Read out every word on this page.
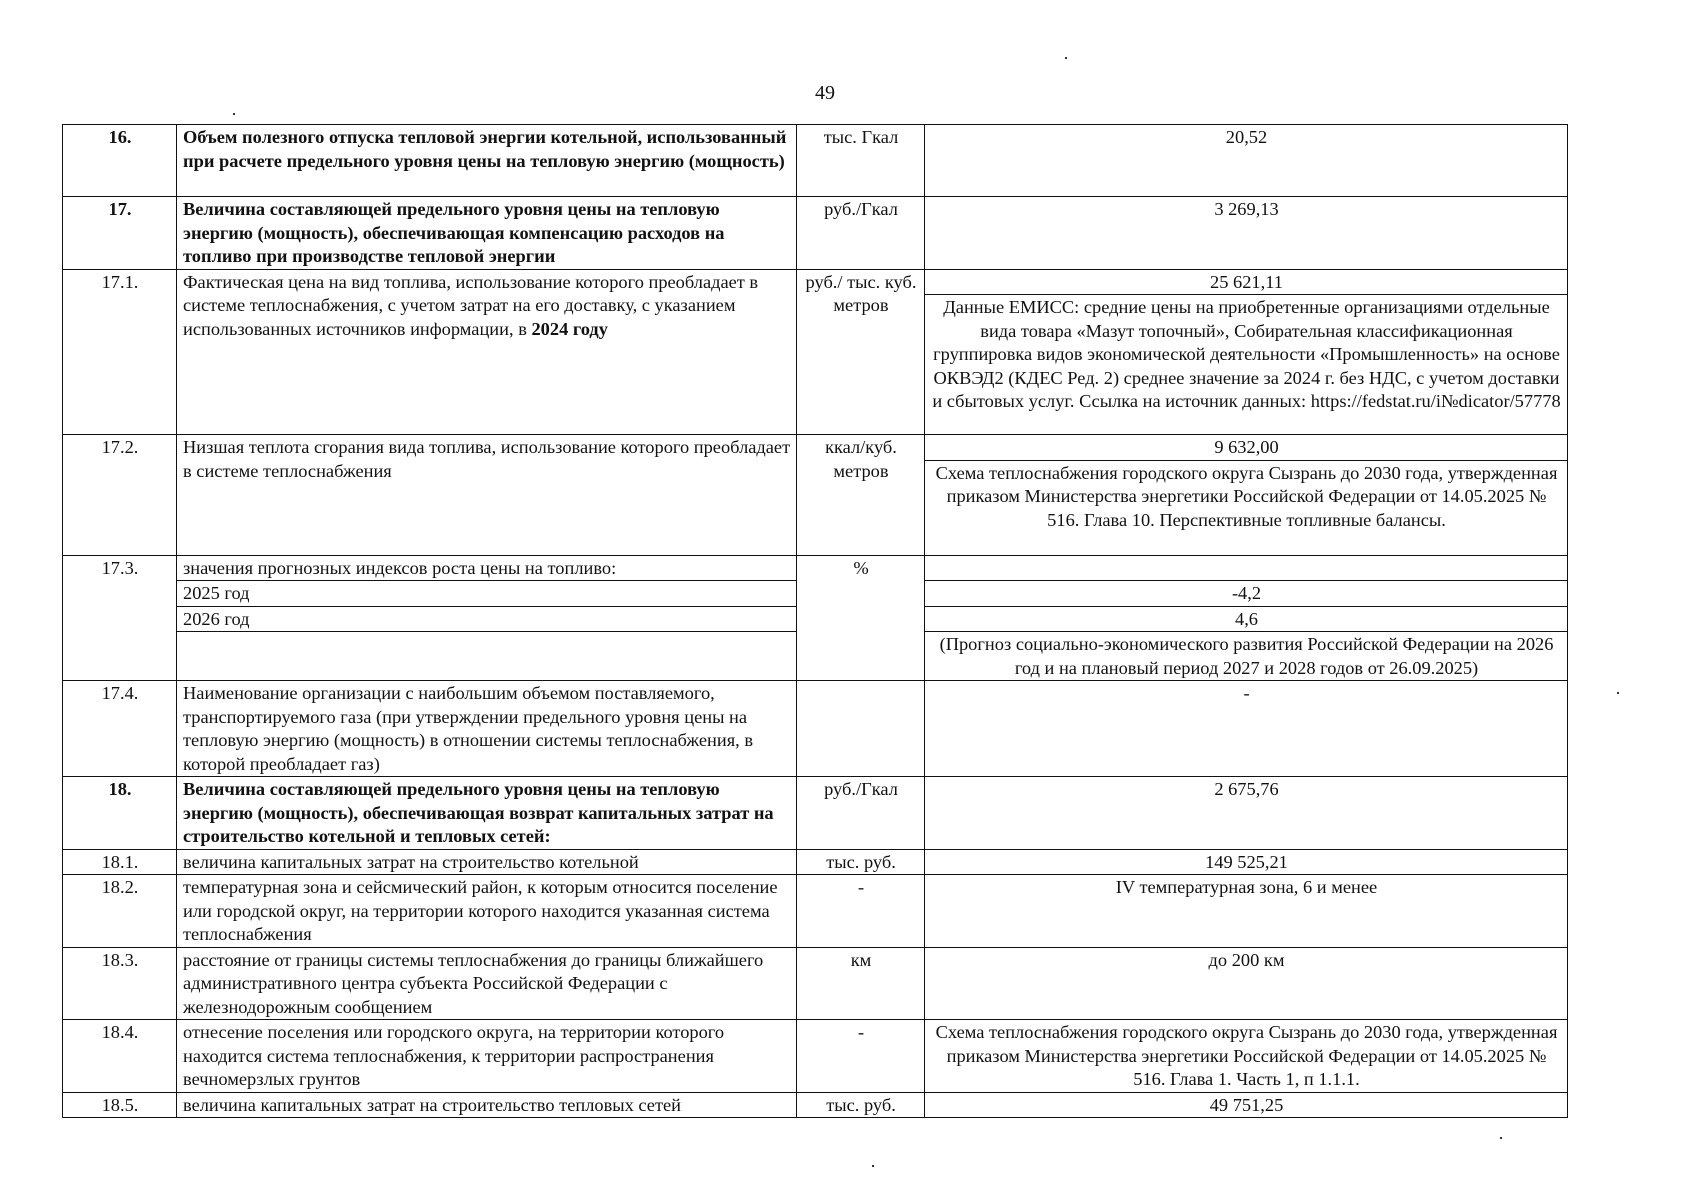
49
16.	Объем полезного отпуска тепловой энергии котельной, использованный при расчете предельного уровня цены на тепловую энергию (мощность)	тыс. Гкал	20,52
17.	Величина составляющей предельного уровня цены на тепловую энергию (мощность), обеспечивающая компенсацию расходов на топливо при производстве тепловой энергии	руб./Гкал	3 269,13
17.1.	Фактическая цена на вид топлива, использование которого преобладает в системе теплоснабжения, с учетом затрат на его доставку, с указанием использованных источников информации, в 2024 году	руб./ тыс. куб. метров	25 621,11
			Данные ЕМИСС: средние цены на приобретенные организациями отдельные вида товара «Мазут топочный», Собирательная классификационная группировка видов экономической деятельности «Промышленность» на основе ОКВЭД2 (КДЕС Ред. 2) среднее значение за 2024 г. без НДС, с учетом доставки и сбытовых услуг. Ссылка на источник данных: https://fedstat.ru/i№dicator/57778
17.2.	Низшая теплота сгорания вида топлива, использование которого преобладает в системе теплоснабжения	ккал/куб. метров	9 632,00
			Схема теплоснабжения городского округа Сызрань до 2030 года, утвержденная приказом Министерства энергетики Российской Федерации от 14.05.2025 № 516. Глава 10. Перспективные топливные балансы.
17.3.	значения прогнозных индексов роста цены на топливо:	%	
	2025 год		-4,2
	2026 год		4,6
			(Прогноз социально-экономического развития Российской Федерации на 2026 год и на плановый период 2027 и 2028 годов от 26.09.2025)
17.4.	Наименование организации с наибольшим объемом поставляемого, транспортируемого газа (при утверждении предельного уровня цены на тепловую энергию (мощность) в отношении системы теплоснабжения, в которой преобладает газ)		-
18.	Величина составляющей предельного уровня цены на тепловую энергию (мощность), обеспечивающая возврат капитальных затрат на строительство котельной и тепловых сетей:	руб./Гкал	2 675,76
18.1.	величина капитальных затрат на строительство котельной	тыс. руб.	149 525,21
18.2.	температурная зона и сейсмический район, к которым относится поселение или городской округ, на территории которого находится указанная система теплоснабжения	-	IV температурная зона, 6 и менее
18.3.	расстояние от границы системы теплоснабжения до границы ближайшего административного центра субъекта Российской Федерации с железнодорожным сообщением	км	до 200 км
18.4.	отнесение поселения или городского округа, на территории которого находится система теплоснабжения, к территории распространения вечномерзлых грунтов	-	Схема теплоснабжения городского округа Сызрань до 2030 года, утвержденная приказом Министерства энергетики Российской Федерации от 14.05.2025 № 516. Глава 1. Часть 1, п 1.1.1.
18.5.	величина капитальных затрат на строительство тепловых сетей	тыс. руб.	49 751,25
